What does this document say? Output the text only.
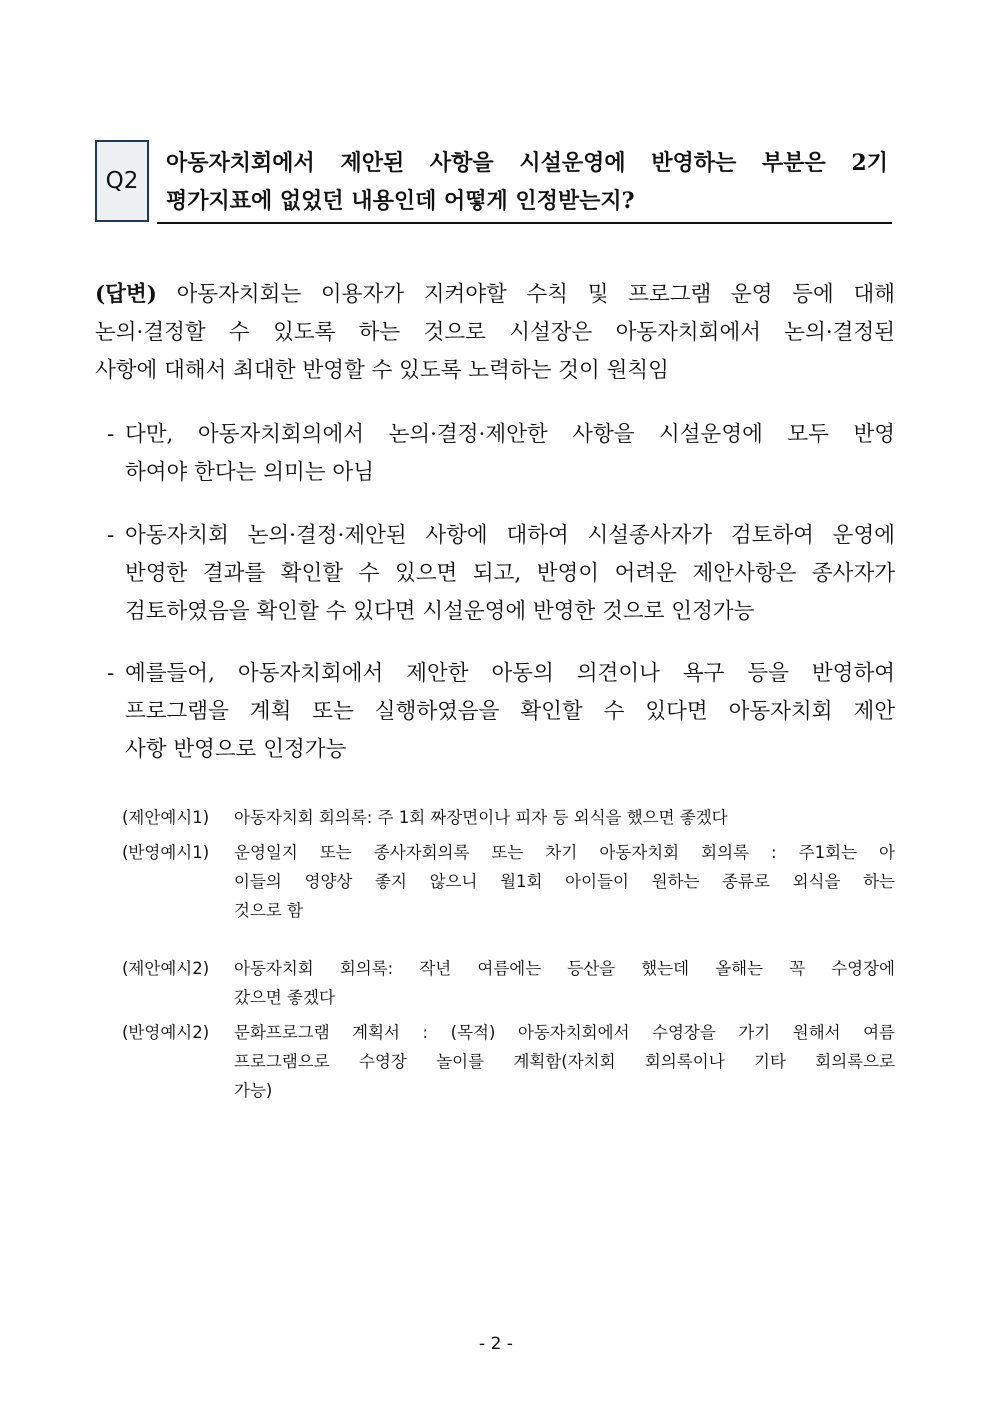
Q2
아동자치회에서 제안된 사항을 시설운영에 반영하는 부분은 2기
평가지표에 없었던 내용인데 어떻게 인정받는지?
(답변) 아동자치회는 이용자가 지켜야할 수칙 및 프로그램 운영 등에 대해
논의·결정할 수 있도록 하는 것으로 시설장은 아동자치회에서 논의·결정된
사항에 대해서 최대한 반영할 수 있도록 노력하는 것이 원칙임
- 다만, 아동자치회의에서 논의·결정·제안한 사항을 시설운영에 모두 반영
하여야 한다는 의미는 아님
- 아동자치회 논의·결정·제안된 사항에 대하여 시설종사자가 검토하여 운영에
반영한 결과를 확인할 수 있으면 되고, 반영이 어려운 제안사항은 종사자가
검토하였음을 확인할 수 있다면 시설운영에 반영한 것으로 인정가능
- 예를들어, 아동자치회에서 제안한 아동의 의견이나 욕구 등을 반영하여
프로그램을 계획 또는 실행하였음을 확인할 수 있다면 아동자치회 제안
사항 반영으로 인정가능
(제안예시1) 아동자치회 회의록: 주 1회 짜장면이나 피자 등 외식을 했으면 좋겠다
(반영예시1) 운영일지 또는 종사자회의록 또는 차기 아동자치회 회의록 : 주1회는 아
이들의 영양상 좋지 않으니 월1회 아이들이 원하는 종류로 외식을 하는
것으로 함
(제안예시2) 아동자치회 회의록: 작년 여름에는 등산을 했는데 올해는 꼭 수영장에
갔으면 좋겠다
(반영예시2) 문화프로그램 계획서 : (목적) 아동자치회에서 수영장을 가기 원해서 여름
프로그램으로 수영장 놀이를 계획함(자치회 회의록이나 기타 회의록으로
가능)
- 2 -
